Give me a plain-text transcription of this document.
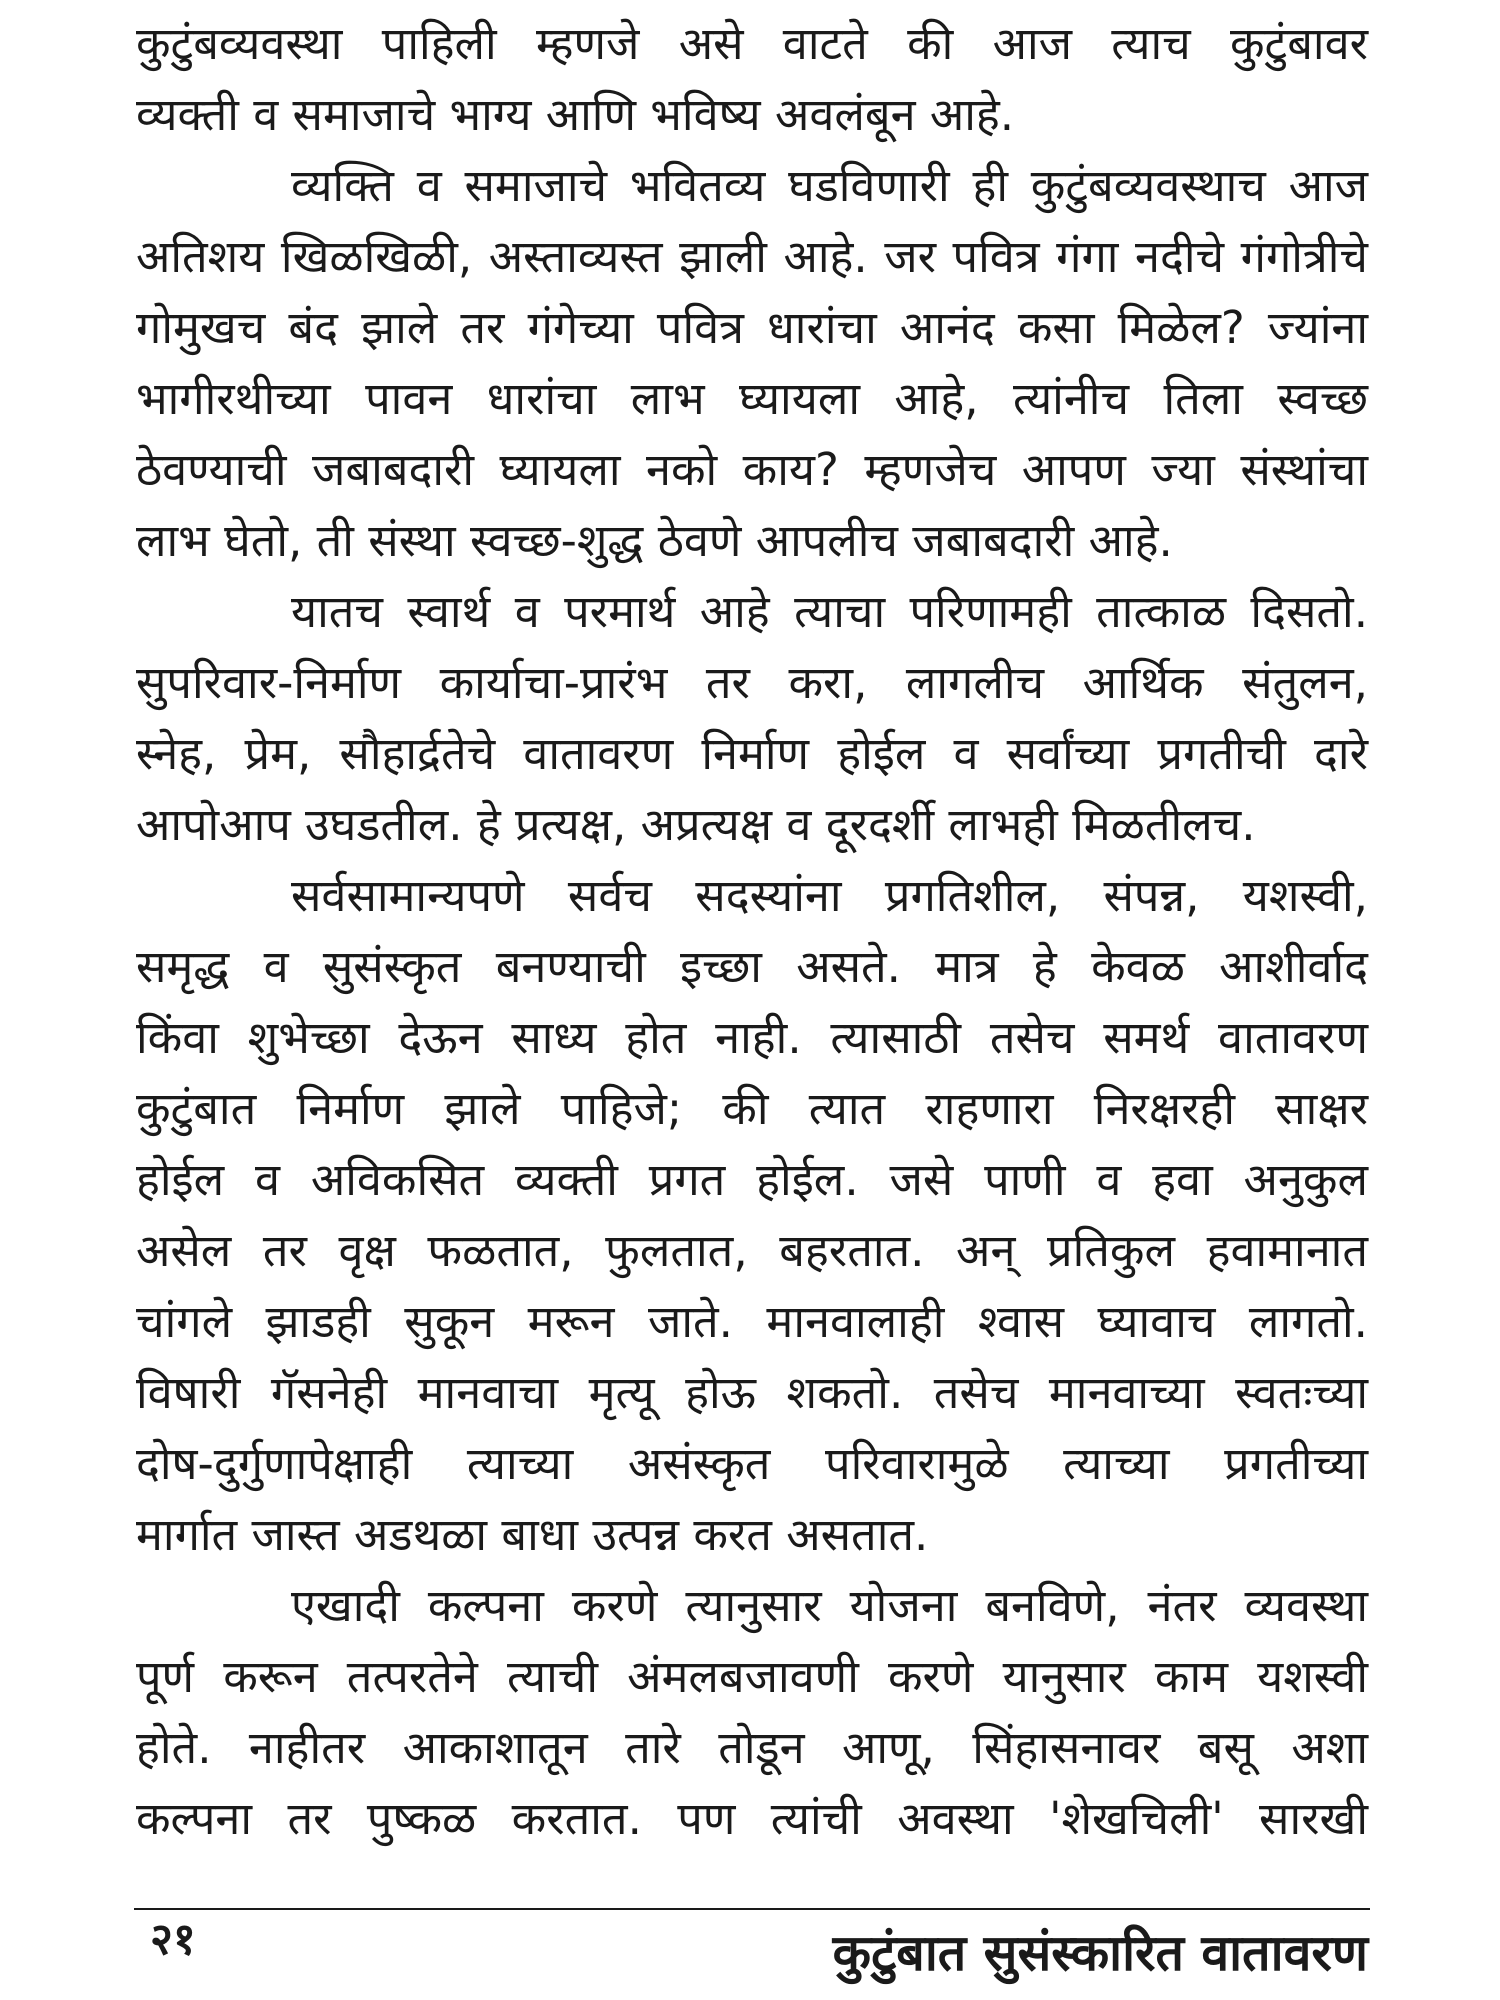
कुटुंबव्यवस्था पाहिली म्हणजे असे वाटते की आज त्याच कुटुंबावर
व्यक्ती व समाजाचे भाग्य आणि भविष्य अवलंबून आहे.
व्यक्ति व समाजाचे भवितव्य घडविणारी ही कुटुंबव्यवस्थाच आज
अतिशय खिळखिळी, अस्ताव्यस्त झाली आहे. जर पवित्र गंगा नदीचे गंगोत्रीचे
गोमुखच बंद झाले तर गंगेच्या पवित्र धारांचा आनंद कसा मिळेल? ज्यांना
भागीरथीच्या पावन धारांचा लाभ घ्यायला आहे, त्यांनीच तिला स्वच्छ
ठेवण्याची जबाबदारी घ्यायला नको काय? म्हणजेच आपण ज्या संस्थांचा
लाभ घेतो, ती संस्था स्वच्छ-शुद्ध ठेवणे आपलीच जबाबदारी आहे.
यातच स्वार्थ व परमार्थ आहे त्याचा परिणामही तात्काळ दिसतो.
सुपरिवार-निर्माण कार्याचा-प्रारंभ तर करा, लागलीच आर्थिक संतुलन,
स्नेह, प्रेम, सौहार्द्रतेचे वातावरण निर्माण होईल व सर्वांच्या प्रगतीची दारे
आपोआप उघडतील. हे प्रत्यक्ष, अप्रत्यक्ष व दूरदर्शी लाभही मिळतीलच.
सर्वसामान्यपणे सर्वच सदस्यांना प्रगतिशील, संपन्न, यशस्वी,
समृद्ध व सुसंस्कृत बनण्याची इच्छा असते. मात्र हे केवळ आशीर्वाद
किंवा शुभेच्छा देऊन साध्य होत नाही. त्यासाठी तसेच समर्थ वातावरण
कुटुंबात निर्माण झाले पाहिजे; की त्यात राहणारा निरक्षरही साक्षर
होईल व अविकसित व्यक्ती प्रगत होईल. जसे पाणी व हवा अनुकुल
असेल तर वृक्ष फळतात, फुलतात, बहरतात. अन् प्रतिकुल हवामानात
चांगले झाडही सुकून मरून जाते. मानवालाही श्वास घ्यावाच लागतो.
विषारी गॅसनेही मानवाचा मृत्यू होऊ शकतो. तसेच मानवाच्या स्वतःच्या
दोष-दुर्गुणापेक्षाही त्याच्या असंस्कृत परिवारामुळे त्याच्या प्रगतीच्या
मार्गात जास्त अडथळा बाधा उत्पन्न करत असतात.
एखादी कल्पना करणे त्यानुसार योजना बनविणे, नंतर व्यवस्था
पूर्ण करून तत्परतेने त्याची अंमलबजावणी करणे यानुसार काम यशस्वी
होते. नाहीतर आकाशातून तारे तोडून आणू, सिंहासनावर बसू अशा
कल्पना तर पुष्कळ करतात. पण त्यांची अवस्था 'शेखचिली' सारखी
२१	कुटुंबात सुसंस्कारित वातावरण
